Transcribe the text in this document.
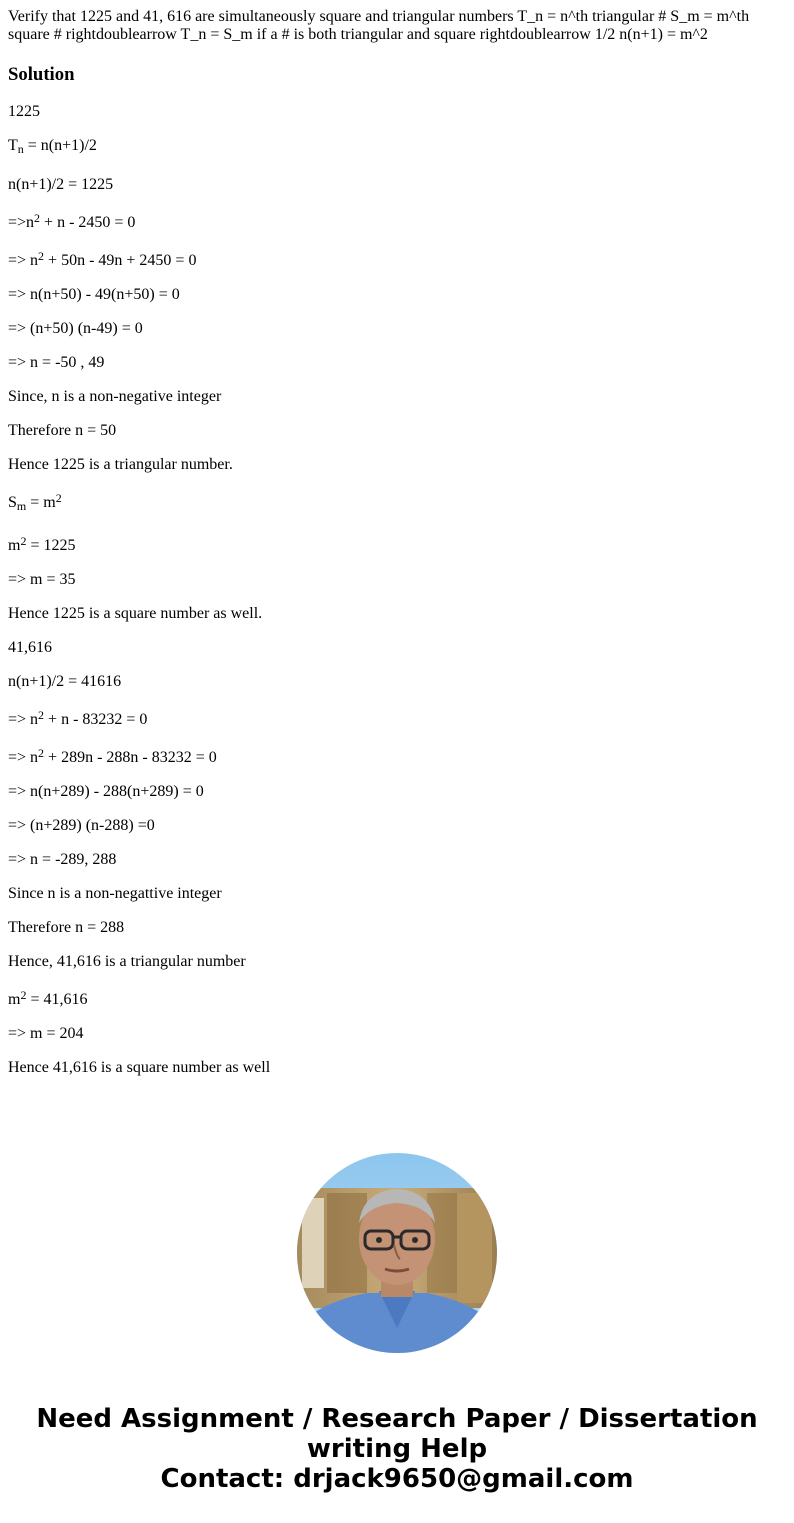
Verify that 1225 and 41, 616 are simultaneously square and triangular numbers T_n = n^th triangular # S_m = m^th square # rightdoublearrow T_n = S_m if a # is both triangular and square rightdoublearrow 1/2 n(n+1) = m^2

Solution

1225

$T_n = n(n+1)/2$

n(n+1)/2 = 1225

$=>n^2 + n - 2450 = 0$

=> $n^2 + 50n - 49n + 2450 = 0$

=> n(n+50) - 49(n+50) = 0

=> (n+50) (n-49) = 0

=> n = -50 , 49

Since, n is a non-negative integer

Therefore n = 50

Hence 1225 is a triangular number.

$S_m = m^2$

$m^2 = 1225$

=> m = 35

Hence 1225 is a square number as well.

41,616

n(n+1)/2 = 41616

=> $n^2 + n - 83232 = 0$

=> $n^2 + 289n - 288n - 83232 = 0$

=> n(n+289) - 288(n+289) = 0

=> (n+289) (n-288) =0

=> n = -289, 288

Since n is a non-negattive integer

Therefore n = 288

Hence, 41,616 is a triangular number

$m^2 = 41,616$

=> m = 204

Hence 41,616 is a square number as well

Need Assignment / Research Paper / Dissertation
writing Help
Contact: drjack9650@gmail.com
